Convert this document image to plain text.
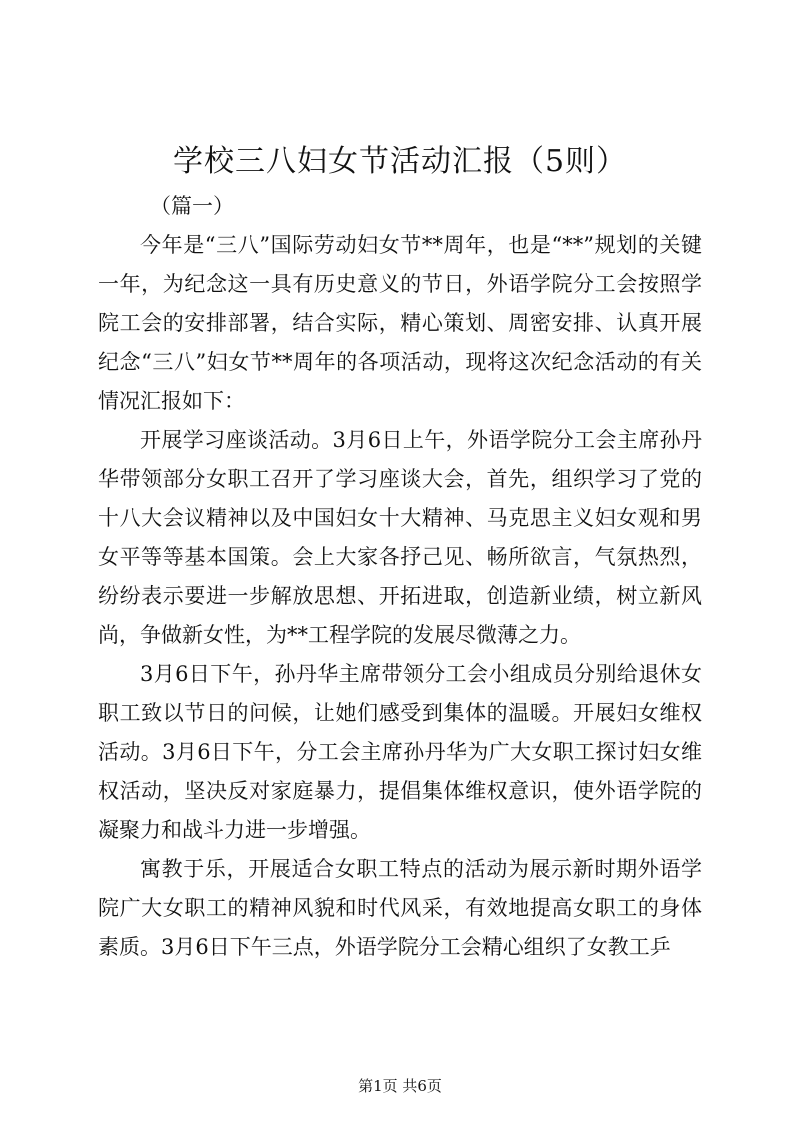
学校三八妇女节活动汇报（5则）
（篇一）

今年是“三八”国际劳动妇女节**周年，也是“**”规划的关键一年，为纪念这一具有历史意义的节日，外语学院分工会按照学院工会的安排部署，结合实际，精心策划、周密安排、认真开展纪念“三八”妇女节**周年的各项活动，现将这次纪念活动的有关情况汇报如下：

开展学习座谈活动。3月6日上午，外语学院分工会主席孙丹华带领部分女职工召开了学习座谈大会，首先，组织学习了党的十八大会议精神以及中国妇女十大精神、马克思主义妇女观和男女平等等基本国策。会上大家各抒己见、畅所欲言，气氛热烈，纷纷表示要进一步解放思想、开拓进取，创造新业绩，树立新风尚，争做新女性，为**工程学院的发展尽微薄之力。

3月6日下午，孙丹华主席带领分工会小组成员分别给退休女职工致以节日的问候，让她们感受到集体的温暖。开展妇女维权活动。3月6日下午，分工会主席孙丹华为广大女职工探讨妇女维权活动，坚决反对家庭暴力，提倡集体维权意识，使外语学院的凝聚力和战斗力进一步增强。

寓教于乐，开展适合女职工特点的活动为展示新时期外语学院广大女职工的精神风貌和时代风采，有效地提高女职工的身体素质。3月6日下午三点，外语学院分工会精心组织了女教工乒

第1页 共6页
